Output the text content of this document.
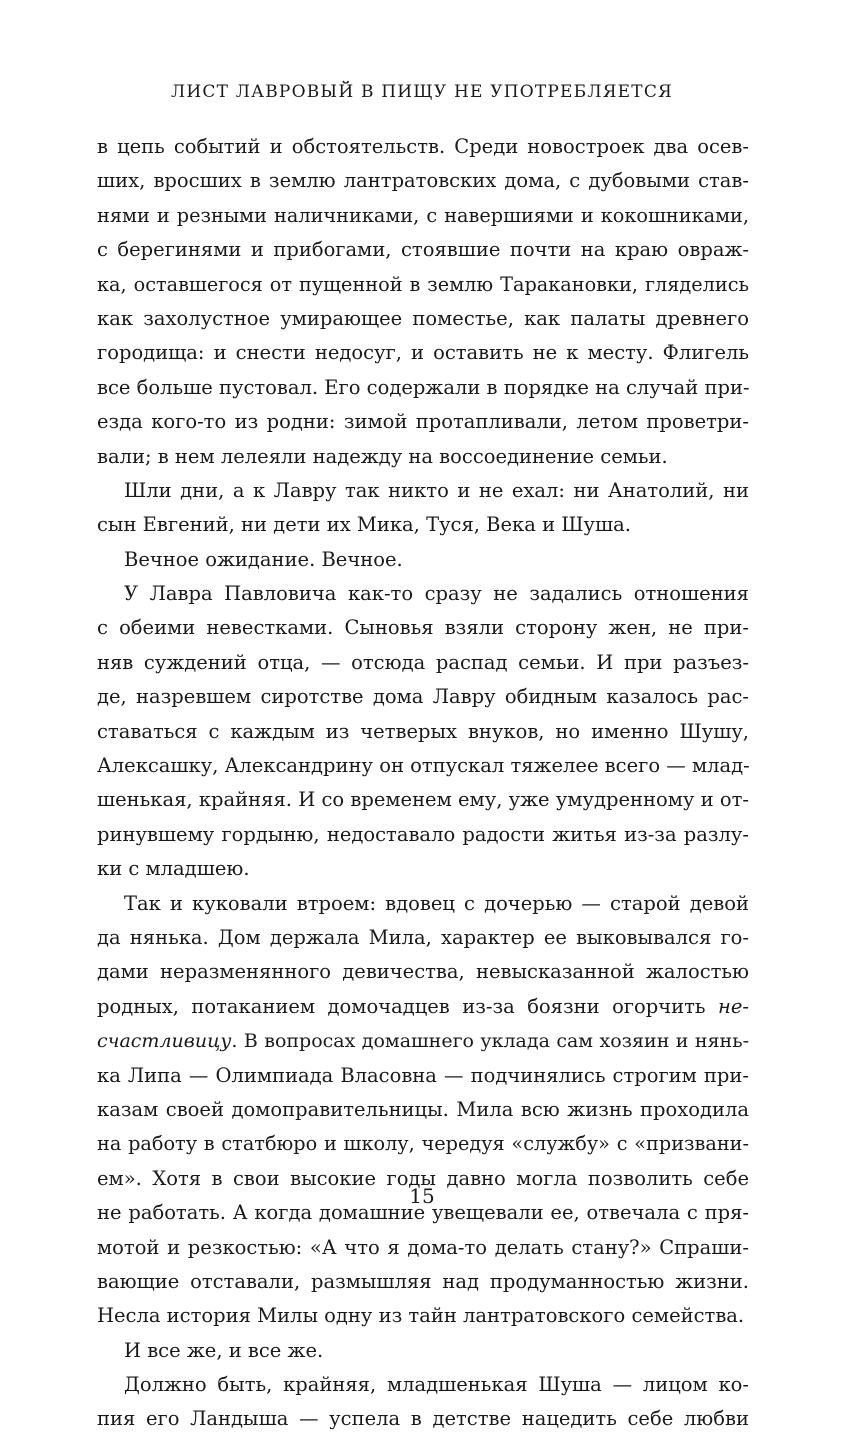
ЛИСТ ЛАВРОВЫЙ В ПИЩУ НЕ УПОТРЕБЛЯЕТСЯ
в цепь событий и обстоятельств. Среди новостроек два осев-
ших, вросших в землю лантратовских дома, с дубовыми став-
нями и резными наличниками, с навершиями и кокошниками,
с берегинями и прибогами, стоявшие почти на краю оврaж-
ка, оставшегося от пущенной в землю Таракановки, гляделись
как захолустное умирающее поместье, как палаты древнего
городища: и снести недосуг, и оставить не к месту. Флигель
все больше пустовал. Его содержали в порядке на случай при-
езда кого-то из родни: зимой протапливали, летом проветри-
вали; в нем лелеяли надежду на воссоединение семьи.
Шли дни, а к Лавру так никто и не ехал: ни Анатолий, ни
сын Евгений, ни дети их Мика, Туся, Века и Шуша.
Вечное ожидание. Вечное.
У Лавра Павловича как-то сразу не задались отношения
с обеими невестками. Сыновья взяли сторону жен, не при-
няв суждений отца, — отсюда распад семьи. И при разъез-
де, назревшем сиротстве дома Лавру обидным казалось рас-
ставаться с каждым из четверых внуков, но именно Шушу,
Алексашку, Александрину он отпускал тяжелее всего — млад-
шенькая, крайняя. И со временем ему, уже умудренному и от-
ринувшему гордыню, недоставало радости житья из-за разлу-
ки с младшею.
Так и куковали втроем: вдовец с дочерью — старой девой
да нянька. Дом держала Мила, характер ее выковывался го-
дами неразменянного девичества, невысказанной жалостью
родных, потаканием домочадцев из-за боязни огорчить не-
счастливицу. В вопросах домашнего уклада сам хозяин и нянь-
ка Липа — Олимпиада Власовна — подчинялись строгим при-
казам своей домоправительницы. Мила всю жизнь проходила
на работу в статбюро и школу, чередуя «службу» с «призвани-
ем». Хотя в свои высокие годы давно могла позволить себе
не работать. А когда домашние увещевали ее, отвечала с пря-
мотой и резкостью: «А что я дома-то делать стану?» Спраши-
вающие отставали, размышляя над продуманностью жизни.
Несла история Милы одну из тайн лантратовского семейства.
И все же, и все же.
Должно быть, крайняя, младшенькая Шуша — лицом ко-
пия его Ландыша — успела в детстве нацедить себе любви
15
